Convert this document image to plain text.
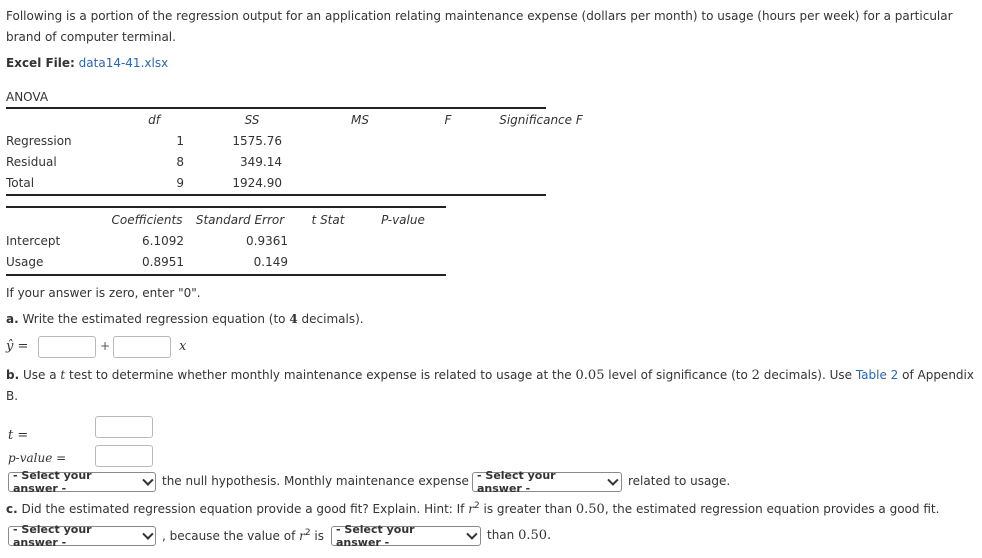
Following is a portion of the regression output for an application relating maintenance expense (dollars per month) to usage (hours per week) for a particular brand of computer terminal.
Excel File: data14-41.xlsx
ANOVA
	df	SS	MS	F	Significance F
Regression	1	1575.76			
Residual	8	349.14			
Total	9	1924.90			
	Coefficients	Standard Error	t Stat	P-value
Intercept	6.1092	0.9361		
Usage	0.8951	0.149		
If your answer is zero, enter "0".
a. Write the estimated regression equation (to 4 decimals).
ŷ =	+	x
b. Use a t test to determine whether monthly maintenance expense is related to usage at the 0.05 level of significance (to 2 decimals). Use Table 2 of Appendix
B.
t =
p-value =
- Select your answer -
the null hypothesis. Monthly maintenance expense - Select your answer -
related to usage.
c. Did the estimated regression equation provide a good fit? Explain. Hint: If $r^2$ is greater than 0.50, the estimated regression equation provides a good fit.
- Select your answer -	, because the value of $r^2$ is - Select your answer -
than 0.50.
